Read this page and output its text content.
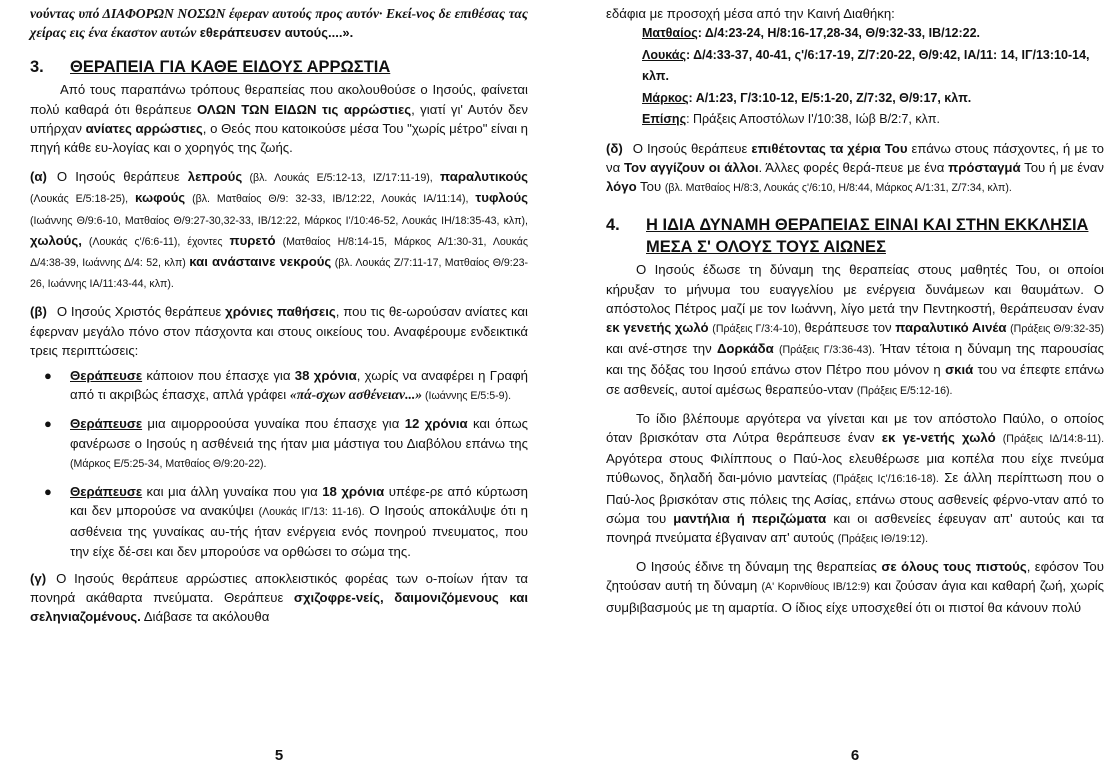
νούντας υπό ΔΙΑΦΟΡΩΝ ΝΟΣΩΝ έφεραν αυτούς προς αυτόν· Εκεί-νος δε επιθέσας τας χείρας εις ένα έκαστον αυτών εθεράπευσεν αυτούς....».

3.	ΘΕΡΑΠΕΙΑ ΓΙΑ ΚΑΘΕ ΕΙΔΟΥΣ ΑΡΡΩΣΤΙΑ

Από τους παραπάνω τρόπους θεραπείας που ακολουθούσε ο Ιησούς, φαίνεται πολύ καθαρά ότι θεράπευε ΟΛΩΝ ΤΩΝ ΕΙΔΩΝ τις αρρώστιες, γιατί γι' Αυτόν δεν υπήρχαν ανίατες αρρώστιες, ο Θεός που κατοικούσε μέσα Του "χωρίς μέτρο" είναι η πηγή κάθε ευ-λογίας και ο χορηγός της ζωής.

(α) Ο Ιησούς θεράπευε λεπρούς (βλ. Λουκάς Ε/5:12-13, ΙΖ/17:11-19), παραλυτικούς (Λουκάς Ε/5:18-25), κωφούς (βλ. Ματθαίος Θ/9: 32-33, ΙΒ/12:22, Λουκάς ΙΑ/11:14), τυφλούς (Ιωάννης Θ/9:6-10, Ματθαίος Θ/9:27-30,32-33, ΙΒ/12:22, Μάρκος Ι'/10:46-52, Λουκάς ΙΗ/18:35-43, κλπ), χωλούς, (Λουκάς ς'/6:6-11), έχοντες πυρετό (Ματθαίος Η/8:14-15, Μάρκος Α/1:30-31, Λουκάς Δ/4:38-39, Ιωάννης Δ/4: 52, κλπ) και ανάσταινε νεκρούς (βλ. Λουκάς Ζ/7:11-17, Ματθαίος Θ/9:23-26, Ιωάννης ΙΑ/11:43-44, κλπ).

(β) Ο Ιησούς Χριστός θεράπευε χρόνιες παθήσεις, που τις θε-ωρούσαν ανίατες και έφερναν μεγάλο πόνο στον πάσχοντα και στους οικείους του. Αναφέρουμε ενδεικτικά τρεις περιπτώσεις:

● Θεράπευσε κάποιον που έπασχε για 38 χρόνια, χωρίς να αναφέρει η Γραφή από τι ακριβώς έπασχε, απλά γράφει «πά-σχων ασθένειαν...» (Ιωάννης Ε/5:5-9).
● Θεράπευσε μια αιμορροούσα γυναίκα που έπασχε για 12 χρόνια και όπως φανέρωσε ο Ιησούς η ασθένειά της ήταν μια μάστιγα του Διαβόλου επάνω της (Μάρκος Ε/5:25-34, Ματθαίος Θ/9:20-22).
● Θεράπευσε και μια άλλη γυναίκα που για 18 χρόνια υπέφε-ρε από κύρτωση και δεν μπορούσε να ανακύψει (Λουκάς ΙΓ/13: 11-16). Ο Ιησούς αποκάλυψε ότι η ασθένεια της γυναίκας αυ-τής ήταν ενέργεια ενός πονηρού πνευματος, που την είχε δέ-σει και δεν μπορούσε να ορθώσει το σώμα της.

(γ) Ο Ιησούς θεράπευε αρρώστιες αποκλειστικός φορέας των ο-ποίων ήταν τα πονηρά ακάθαρτα πνεύματα. Θεράπευε σχιζοφρε-νείς, δαιμονιζόμενους και σεληνιαζομένους. Διάβασε τα ακόλουθα

5

εδάφια με προσοχή μέσα από την Καινή Διαθήκη:

Ματθαίος: Δ/4:23-24, Η/8:16-17,28-34, Θ/9:32-33, ΙΒ/12:22.
Λουκάς: Δ/4:33-37, 40-41, ς'/6:17-19, Ζ/7:20-22, Θ/9:42, ΙΑ/11: 14, ΙΓ/13:10-14, κλπ.
Μάρκος: Α/1:23, Γ/3:10-12, Ε/5:1-20, Ζ/7:32, Θ/9:17, κλπ.
Επίσης: Πράξεις Αποστόλων Ι'/10:38, Ιώβ Β/2:7, κλπ.

(δ) Ο Ιησούς θεράπευε επιθέτοντας τα χέρια Του επάνω στους πάσχοντες, ή με το να Τον αγγίζουν οι άλλοι. Άλλες φορές θερά-πευε με ένα πρόσταγμά Του ή με έναν λόγο Του (βλ. Ματθαίος Η/8:3, Λουκάς ς'/6:10, Η/8:44, Μάρκος Α/1:31, Ζ/7:34, κλπ).

4.	Η ΙΔΙΑ ΔΥΝΑΜΗ ΘΕΡΑΠΕΙΑΣ ΕΙΝΑΙ ΚΑΙ ΣΤΗΝ ΕΚΚΛΗΣΙΑ ΜΕΣΑ Σ' ΟΛΟΥΣ ΤΟΥΣ ΑΙΩΝΕΣ

Ο Ιησούς έδωσε τη δύναμη της θεραπείας στους μαθητές Του, οι οποίοι κήρυξαν το μήνυμα του ευαγγελίου με ενέργεια δυνάμεων και θαυμάτων. Ο απόστολος Πέτρος μαζί με τον Ιωάννη, λίγο μετά την Πεντηκοστή, θεράπευσαν έναν εκ γενετής χωλό (Πράξεις Γ/3:4-10), θεράπευσε τον παραλυτικό Αινέα (Πράξεις Θ/9:32-35) και ανέ-στησε την Δορκάδα (Πράξεις Γ/3:36-43). Ήταν τέτοια η δύναμη της παρουσίας και της δόξας του Ιησού επάνω στον Πέτρο που μόνον η σκιά του να έπεφτε επάνω σε ασθενείς, αυτοί αμέσως θεραπεύο-νταν (Πράξεις Ε/5:12-16).

Το ίδιο βλέπουμε αργότερα να γίνεται και με τον απόστολο Παύλο, ο οποίος όταν βρισκόταν στα Λύτρα θεράπευσε έναν εκ γε-νετής χωλό (Πράξεις ΙΔ/14:8-11). Αργότερα στους Φιλίππους ο Παύ-λος ελευθέρωσε μια κοπέλα που είχε πνεύμα πύθωνος, δηλαδή δαι-μόνιο μαντείας (Πράξεις Ις'/16:16-18). Σε άλλη περίπτωση που ο Παύ-λος βρισκόταν στις πόλεις της Ασίας, επάνω στους ασθενείς φέρνο-νταν από το σώμα του μαντήλια ή περιζώματα και οι ασθενείες έφευγαν απ' αυτούς και τα πονηρά πνεύματα έβγαιναν απ' αυτούς (Πράξεις ΙΘ/19:12).

Ο Ιησούς έδινε τη δύναμη της θεραπείας σε όλους τους πιστούς, εφόσον Του ζητούσαν αυτή τη δύναμη (Α' Κορινθίους ΙΒ/12:9) και ζούσαν άγια και καθαρή ζωή, χωρίς συμβιβασμούς με τη αμαρτία. Ο ίδιος είχε υποσχεθεί ότι οι πιστοί θα κάνουν πολύ

6
